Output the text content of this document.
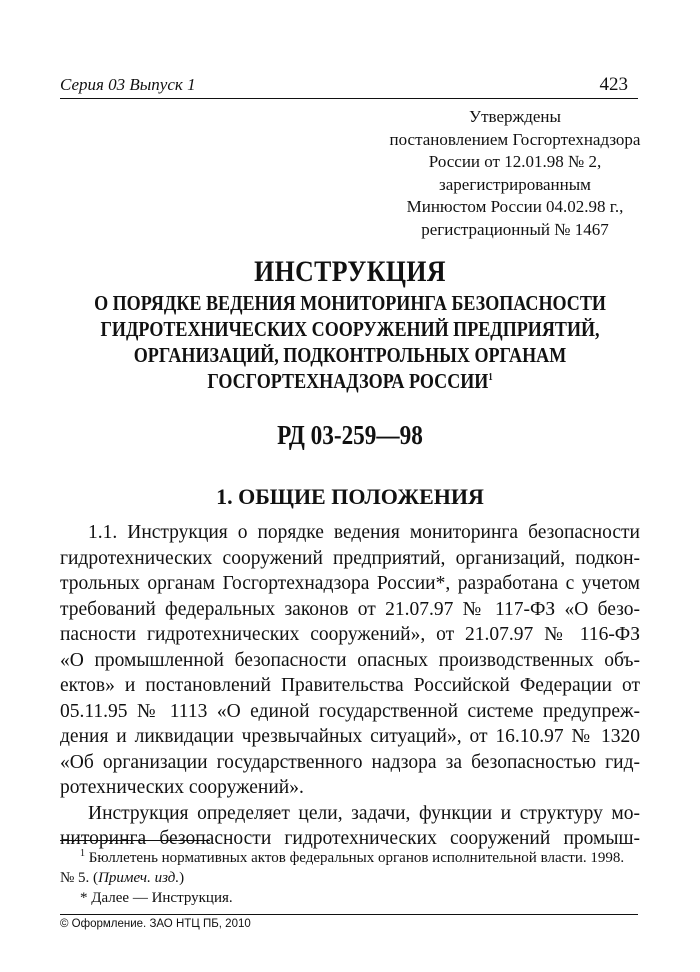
Серия 03 Выпуск 1	423
Утверждены
постановлением Госгортехнадзора
России от 12.01.98 № 2,
зарегистрированным
Минюстом России 04.02.98 г.,
регистрационный № 1467
ИНСТРУКЦИЯ
О ПОРЯДКЕ ВЕДЕНИЯ МОНИТОРИНГА БЕЗОПАСНОСТИ
ГИДРОТЕХНИЧЕСКИХ СООРУЖЕНИЙ ПРЕДПРИЯТИЙ,
ОРГАНИЗАЦИЙ, ПОДКОНТРОЛЬНЫХ ОРГАНАМ
ГОСГОРТЕХНАДЗОРА РОССИИ$^1$
РД 03-259—98
1. ОБЩИЕ ПОЛОЖЕНИЯ
1.1. Инструкция о порядке ведения мониторинга безопасности
гидротехнических сооружений предприятий, организаций, подкон-
трольных органам Госгортехнадзора России*, разработана с учетом
требований федеральных законов от 21.07.97 № 117-ФЗ «О безо-
пасности гидротехнических сооружений», от 21.07.97 № 116-ФЗ
«О промышленной безопасности опасных производственных объ-
ектов» и постановлений Правительства Российской Федерации от
05.11.95 № 1113 «О единой государственной системе предупреж-
дения и ликвидации чрезвычайных ситуаций», от 16.10.97 № 1320
«Об организации государственного надзора за безопасностью гид-
ротехнических сооружений».
Инструкция определяет цели, задачи, функции и структуру мо-
ниторинга безопасности гидротехнических сооружений промыш-
$^1$ Бюллетень нормативных актов федеральных органов исполнительной власти. 1998.
№ 5. (Примеч. изд.)
* Далее — Инструкция.
© Оформление. ЗАО НТЦ ПБ, 2010
